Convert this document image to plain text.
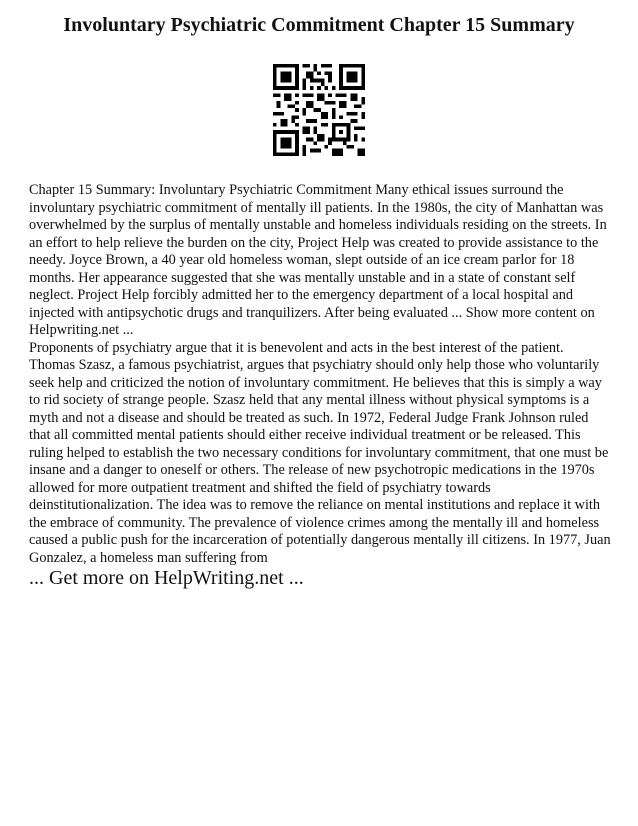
Involuntary Psychiatric Commitment Chapter 15 Summary

Chapter 15 Summary: Involuntary Psychiatric Commitment Many ethical issues surround the involuntary psychiatric commitment of mentally ill patients. In the 1980s, the city of Manhattan was overwhelmed by the surplus of mentally unstable and homeless individuals residing on the streets. In an effort to help relieve the burden on the city, Project Help was created to provide assistance to the needy. Joyce Brown, a 40 year old homeless woman, slept outside of an ice cream parlor for 18 months. Her appearance suggested that she was mentally unstable and in a state of constant self neglect. Project Help forcibly admitted her to the emergency department of a local hospital and injected with antipsychotic drugs and tranquilizers. After being evaluated ... Show more content on Helpwriting.net ...

Proponents of psychiatry argue that it is benevolent and acts in the best interest of the patient. Thomas Szasz, a famous psychiatrist, argues that psychiatry should only help those who voluntarily seek help and criticized the notion of involuntary commitment. He believes that this is simply a way to rid society of strange people. Szasz held that any mental illness without physical symptoms is a myth and not a disease and should be treated as such. In 1972, Federal Judge Frank Johnson ruled that all committed mental patients should either receive individual treatment or be released. This ruling helped to establish the two necessary conditions for involuntary commitment, that one must be insane and a danger to oneself or others. The release of new psychotropic medications in the 1970s allowed for more outpatient treatment and shifted the field of psychiatry towards deinstitutionalization. The idea was to remove the reliance on mental institutions and replace it with the embrace of community. The prevalence of violence crimes among the mentally ill and homeless caused a public push for the incarceration of potentially dangerous mentally ill citizens. In 1977, Juan Gonzalez, a homeless man suffering from

... Get more on HelpWriting.net ...
